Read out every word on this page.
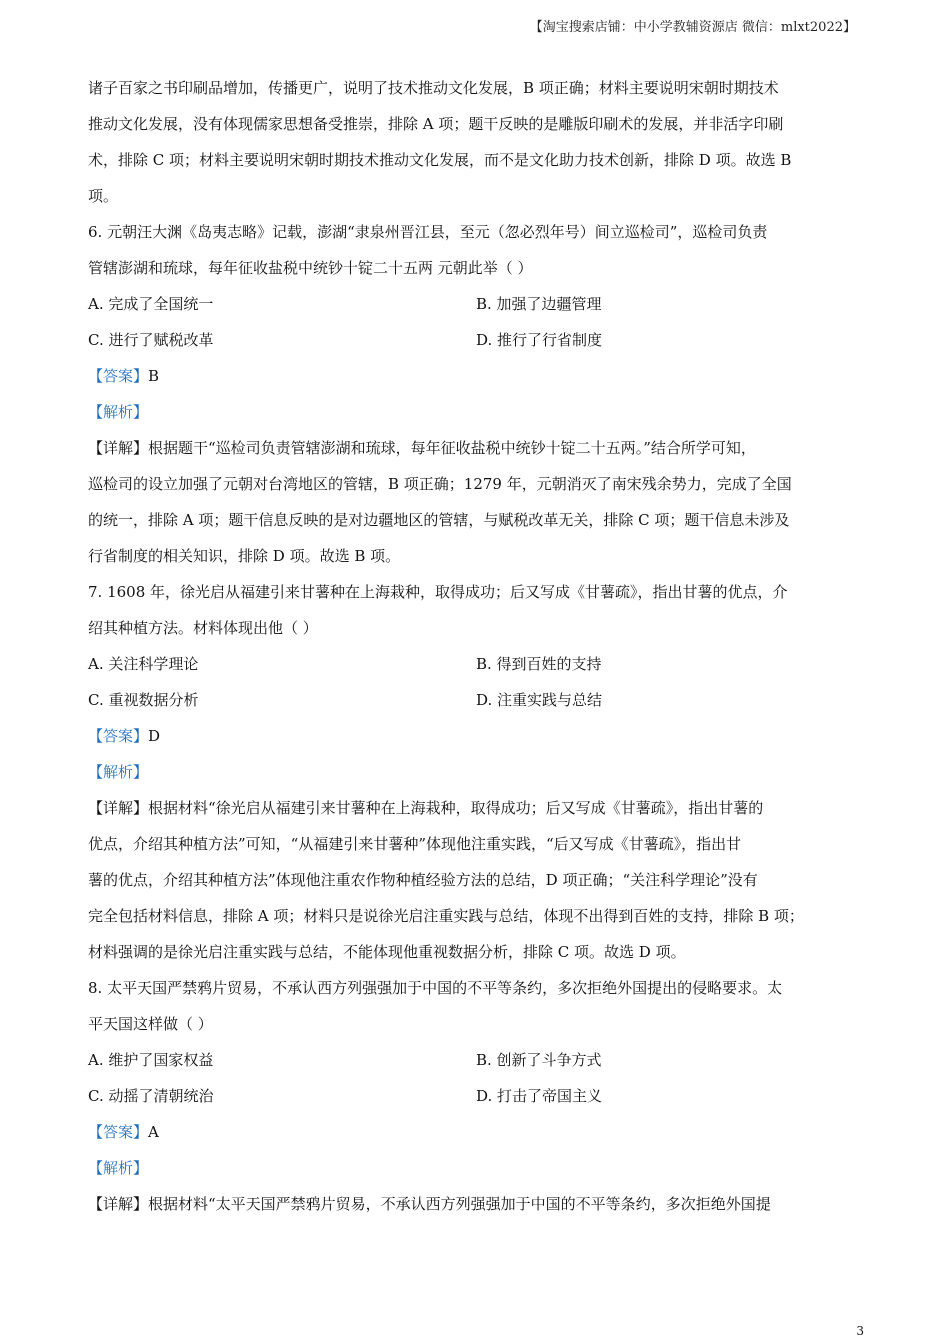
【淘宝搜索店铺：中小学教辅资源店 微信：mlxt2022】
诸子百家之书印刷品增加，传播更广，说明了技术推动文化发展，B 项正确；材料主要说明宋朝时期技术
推动文化发展，没有体现儒家思想备受推崇，排除 A 项；题干反映的是雕版印刷术的发展，并非活字印刷
术，排除 C 项；材料主要说明宋朝时期技术推动文化发展，而不是文化助力技术创新，排除 D 项。故选 B
项。
6. 元朝汪大渊《岛夷志略》记载，澎湖“隶泉州晋江县，至元（忽必烈年号）间立巡检司”，巡检司负责
管辖澎湖和琉球，每年征收盐税中统钞十锭二十五两 元朝此举（ ）
A. 完成了全国统一	B. 加强了边疆管理
C. 进行了赋税改革	D. 推行了行省制度
【答案】B
【解析】
【详解】根据题干“巡检司负责管辖澎湖和琉球，每年征收盐税中统钞十锭二十五两。”结合所学可知，
巡检司的设立加强了元朝对台湾地区的管辖，B 项正确；1279 年，元朝消灭了南宋残余势力，完成了全国
的统一，排除 A 项；题干信息反映的是对边疆地区的管辖，与赋税改革无关，排除 C 项；题干信息未涉及
行省制度的相关知识，排除 D 项。故选 B 项。
7. 1608 年，徐光启从福建引来甘薯种在上海栽种，取得成功；后又写成《甘薯疏》，指出甘薯的优点，介
绍其种植方法。材料体现出他（ ）
A. 关注科学理论	B. 得到百姓的支持
C. 重视数据分析	D. 注重实践与总结
【答案】D
【解析】
【详解】根据材料“徐光启从福建引来甘薯种在上海栽种，取得成功；后又写成《甘薯疏》，指出甘薯的
优点，介绍其种植方法”可知，“从福建引来甘薯种”体现他注重实践，“后又写成《甘薯疏》，指出甘
薯的优点，介绍其种植方法”体现他注重农作物种植经验方法的总结，D 项正确；“关注科学理论”没有
完全包括材料信息，排除 A 项；材料只是说徐光启注重实践与总结，体现不出得到百姓的支持，排除 B 项；
材料强调的是徐光启注重实践与总结，不能体现他重视数据分析，排除 C 项。故选 D 项。
8. 太平天国严禁鸦片贸易，不承认西方列强强加于中国的不平等条约，多次拒绝外国提出的侵略要求。太
平天国这样做（ ）
A. 维护了国家权益	B. 创新了斗争方式
C. 动摇了清朝统治	D. 打击了帝国主义
【答案】A
【解析】
【详解】根据材料“太平天国严禁鸦片贸易，不承认西方列强强加于中国的不平等条约，多次拒绝外国提
3
